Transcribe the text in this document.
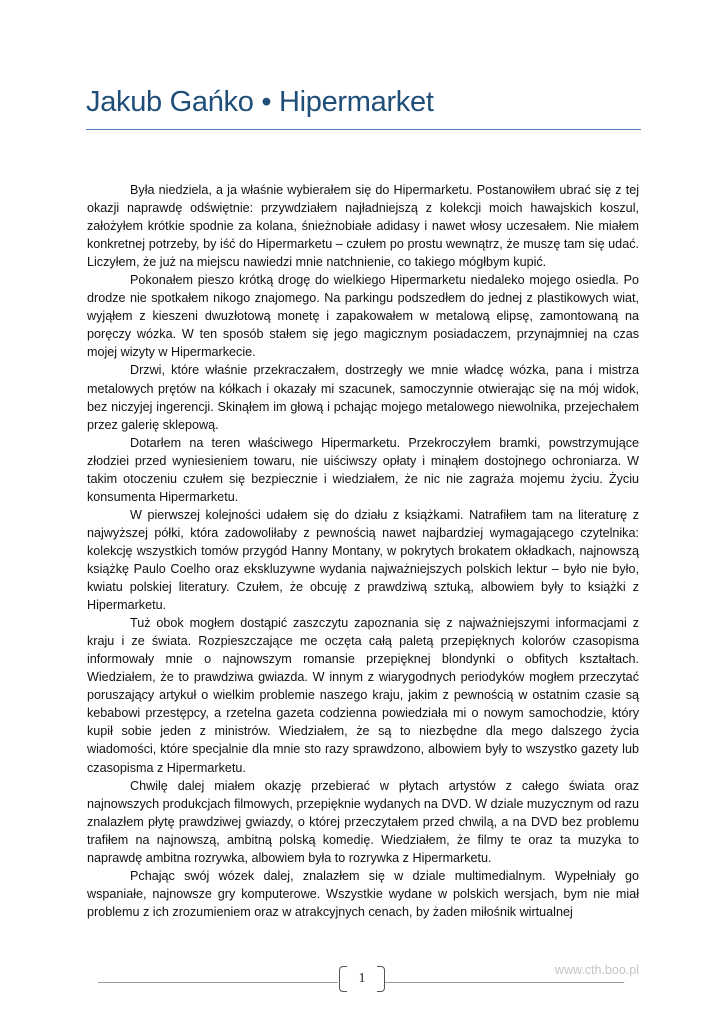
Jakub Gańko • Hipermarket

Była niedziela, a ja właśnie wybierałem się do Hipermarketu. Postanowiłem ubrać się z tej okazji naprawdę odświętnie: przywdziałem najładniejszą z kolekcji moich hawajskich koszul, założyłem krótkie spodnie za kolana, śnieżnobiałe adidasy i nawet włosy uczesałem. Nie miałem konkretnej potrzeby, by iść do Hipermarketu – czułem po prostu wewnątrz, że muszę tam się udać. Liczyłem, że już na miejscu nawiedzi mnie natchnienie, co takiego mógłbym kupić.

Pokonałem pieszo krótką drogę do wielkiego Hipermarketu niedaleko mojego osiedla. Po drodze nie spotkałem nikogo znajomego. Na parkingu podszedłem do jednej z plastikowych wiat, wyjąłem z kieszeni dwuzłotową monetę i zapakowałem w metalową elipsę, zamontowaną na poręczy wózka. W ten sposób stałem się jego magicznym posiadaczem, przynajmniej na czas mojej wizyty w Hipermarkecie.

Drzwi, które właśnie przekraczałem, dostrzegły we mnie władcę wózka, pana i mistrza metalowych prętów na kółkach i okazały mi szacunek, samoczynnie otwierając się na mój widok, bez niczyjej ingerencji. Skinąłem im głową i pchając mojego metalowego niewolnika, przejechałem przez galerię sklepową.

Dotarłem na teren właściwego Hipermarketu. Przekroczyłem bramki, powstrzymujące złodziei przed wyniesieniem towaru, nie uiściwszy opłaty i minąłem dostojnego ochroniarza. W takim otoczeniu czułem się bezpiecznie i wiedziałem, że nic nie zagraża mojemu życiu. Życiu konsumenta Hipermarketu.

W pierwszej kolejności udałem się do działu z książkami. Natrafiłem tam na literaturę z najwyższej półki, która zadowoliłaby z pewnością nawet najbardziej wymagającego czytelnika: kolekcję wszystkich tomów przygód Hanny Montany, w pokrytych brokatem okładkach, najnowszą książkę Paulo Coelho oraz ekskluzywne wydania najważniejszych polskich lektur – było nie było, kwiatu polskiej literatury. Czułem, że obcuję z prawdziwą sztuką, albowiem były to książki z Hipermarketu.

Tuż obok mogłem dostąpić zaszczytu zapoznania się z najważniejszymi informacjami z kraju i ze świata. Rozpieszczające me oczęta całą paletą przepięknych kolorów czasopisma informowały mnie o najnowszym romansie przepięknej blondynki o obfitych kształtach. Wiedziałem, że to prawdziwa gwiazda. W innym z wiarygodnych periodyków mogłem przeczytać poruszający artykuł o wielkim problemie naszego kraju, jakim z pewnością w ostatnim czasie są kebabowi przestępcy, a rzetelna gazeta codzienna powiedziała mi o nowym samochodzie, który kupił sobie jeden z ministrów. Wiedziałem, że są to niezbędne dla mego dalszego życia wiadomości, które specjalnie dla mnie sto razy sprawdzono, albowiem były to wszystko gazety lub czasopisma z Hipermarketu.

Chwilę dalej miałem okazję przebierać w płytach artystów z całego świata oraz najnowszych produkcjach filmowych, przepięknie wydanych na DVD. W dziale muzycznym od razu znalazłem płytę prawdziwej gwiazdy, o której przeczytałem przed chwilą, a na DVD bez problemu trafiłem na najnowszą, ambitną polską komedię. Wiedziałem, że filmy te oraz ta muzyka to naprawdę ambitna rozrywka, albowiem była to rozrywka z Hipermarketu.

Pchając swój wózek dalej, znalazłem się w dziale multimedialnym. Wypełniały go wspaniałe, najnowsze gry komputerowe. Wszystkie wydane w polskich wersjach, bym nie miał problemu z ich zrozumieniem oraz w atrakcyjnych cenach, by żaden miłośnik wirtualnej

www.cth.boo.pl
1
